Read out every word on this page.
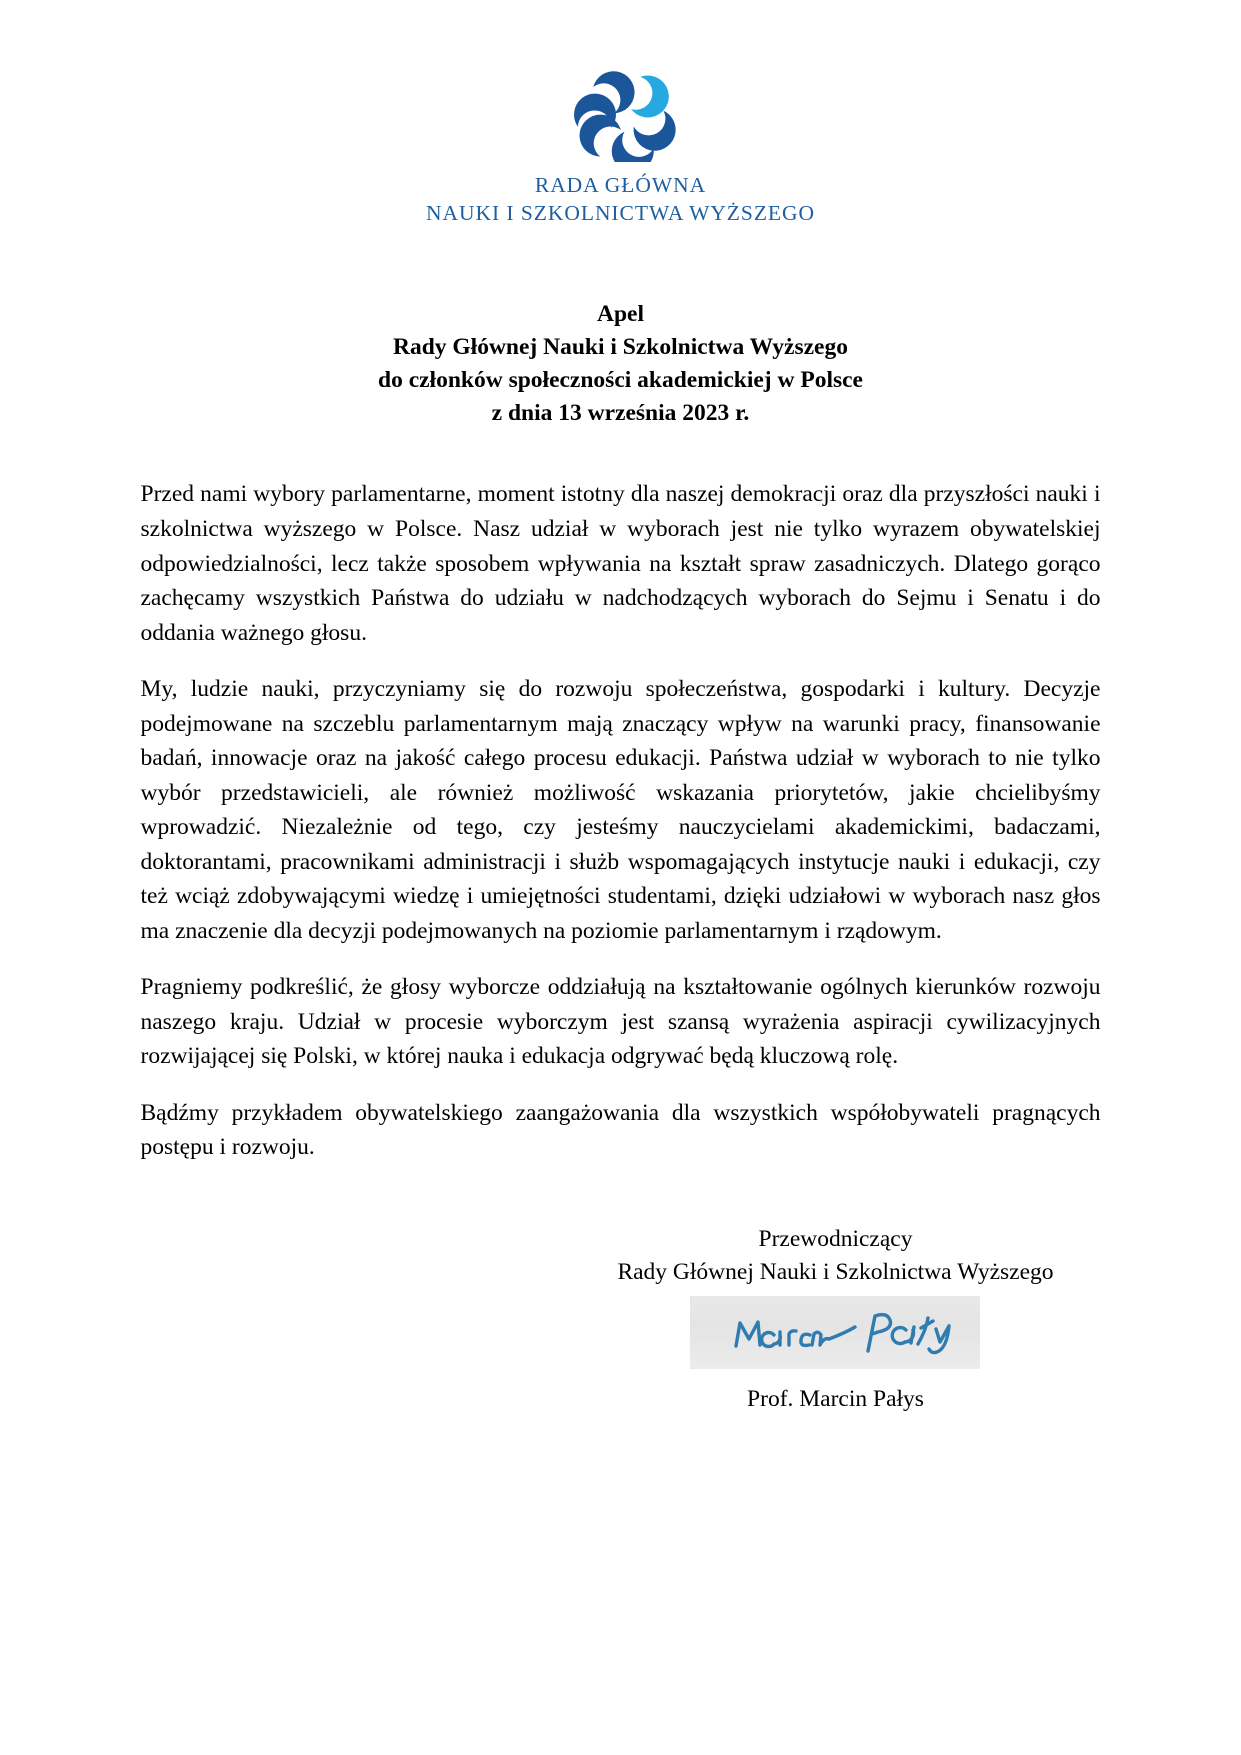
RADA GŁÓWNA
NAUKI I SZKOLNICTWA WYŻSZEGO
Apel
Rady Głównej Nauki i Szkolnictwa Wyższego
do członków społeczności akademickiej w Polsce
z dnia 13 września 2023 r.

Przed nami wybory parlamentarne, moment istotny dla naszej demokracji oraz dla przyszłości nauki i szkolnictwa wyższego w Polsce. Nasz udział w wyborach jest nie tylko wyrazem obywatelskiej odpowiedzialności, lecz także sposobem wpływania na kształt spraw zasadniczych. Dlatego gorąco zachęcamy wszystkich Państwa do udziału w nadchodzących wyborach do Sejmu i Senatu i do oddania ważnego głosu.

My, ludzie nauki, przyczyniamy się do rozwoju społeczeństwa, gospodarki i kultury. Decyzje podejmowane na szczeblu parlamentarnym mają znaczący wpływ na warunki pracy, finansowanie badań, innowacje oraz na jakość całego procesu edukacji. Państwa udział w wyborach to nie tylko wybór przedstawicieli, ale również możliwość wskazania priorytetów, jakie chcielibyśmy wprowadzić. Niezależnie od tego, czy jesteśmy nauczycielami akademickimi, badaczami, doktorantami, pracownikami administracji i służb wspomagających instytucje nauki i edukacji, czy też wciąż zdobywającymi wiedzę i umiejętności studentami, dzięki udziałowi w wyborach nasz głos ma znaczenie dla decyzji podejmowanych na poziomie parlamentarnym i rządowym.

Pragniemy podkreślić, że głosy wyborcze oddziałują na kształtowanie ogólnych kierunków rozwoju naszego kraju. Udział w procesie wyborczym jest szansą wyrażenia aspiracji cywilizacyjnych rozwijającej się Polski, w której nauka i edukacja odgrywać będą kluczową rolę.

Bądźmy przykładem obywatelskiego zaangażowania dla wszystkich współobywateli pragnących postępu i rozwoju.

Przewodniczący
Rady Głównej Nauki i Szkolnictwa Wyższego
Prof. Marcin Pałys
